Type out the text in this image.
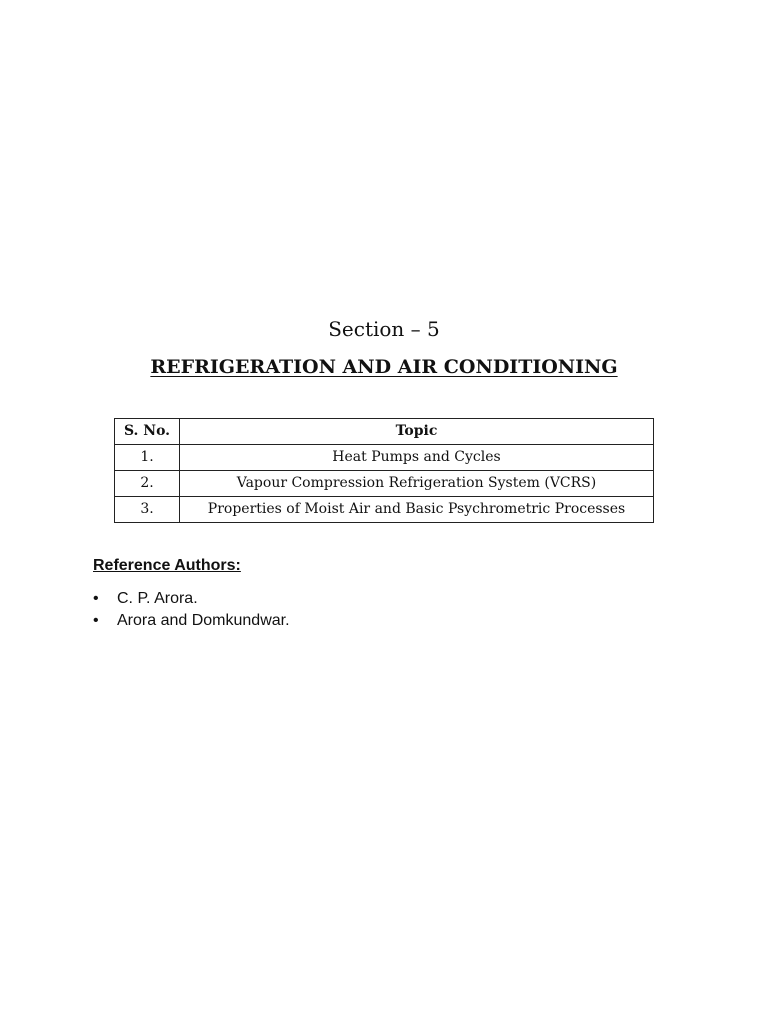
Section – 5
REFRIGERATION AND AIR CONDITIONING
S. No.	Topic
1.	Heat Pumps and Cycles
2.	Vapour Compression Refrigeration System (VCRS)
3.	Properties of Moist Air and Basic Psychrometric Processes
Reference Authors:
• C. P. Arora.
• Arora and Domkundwar.
